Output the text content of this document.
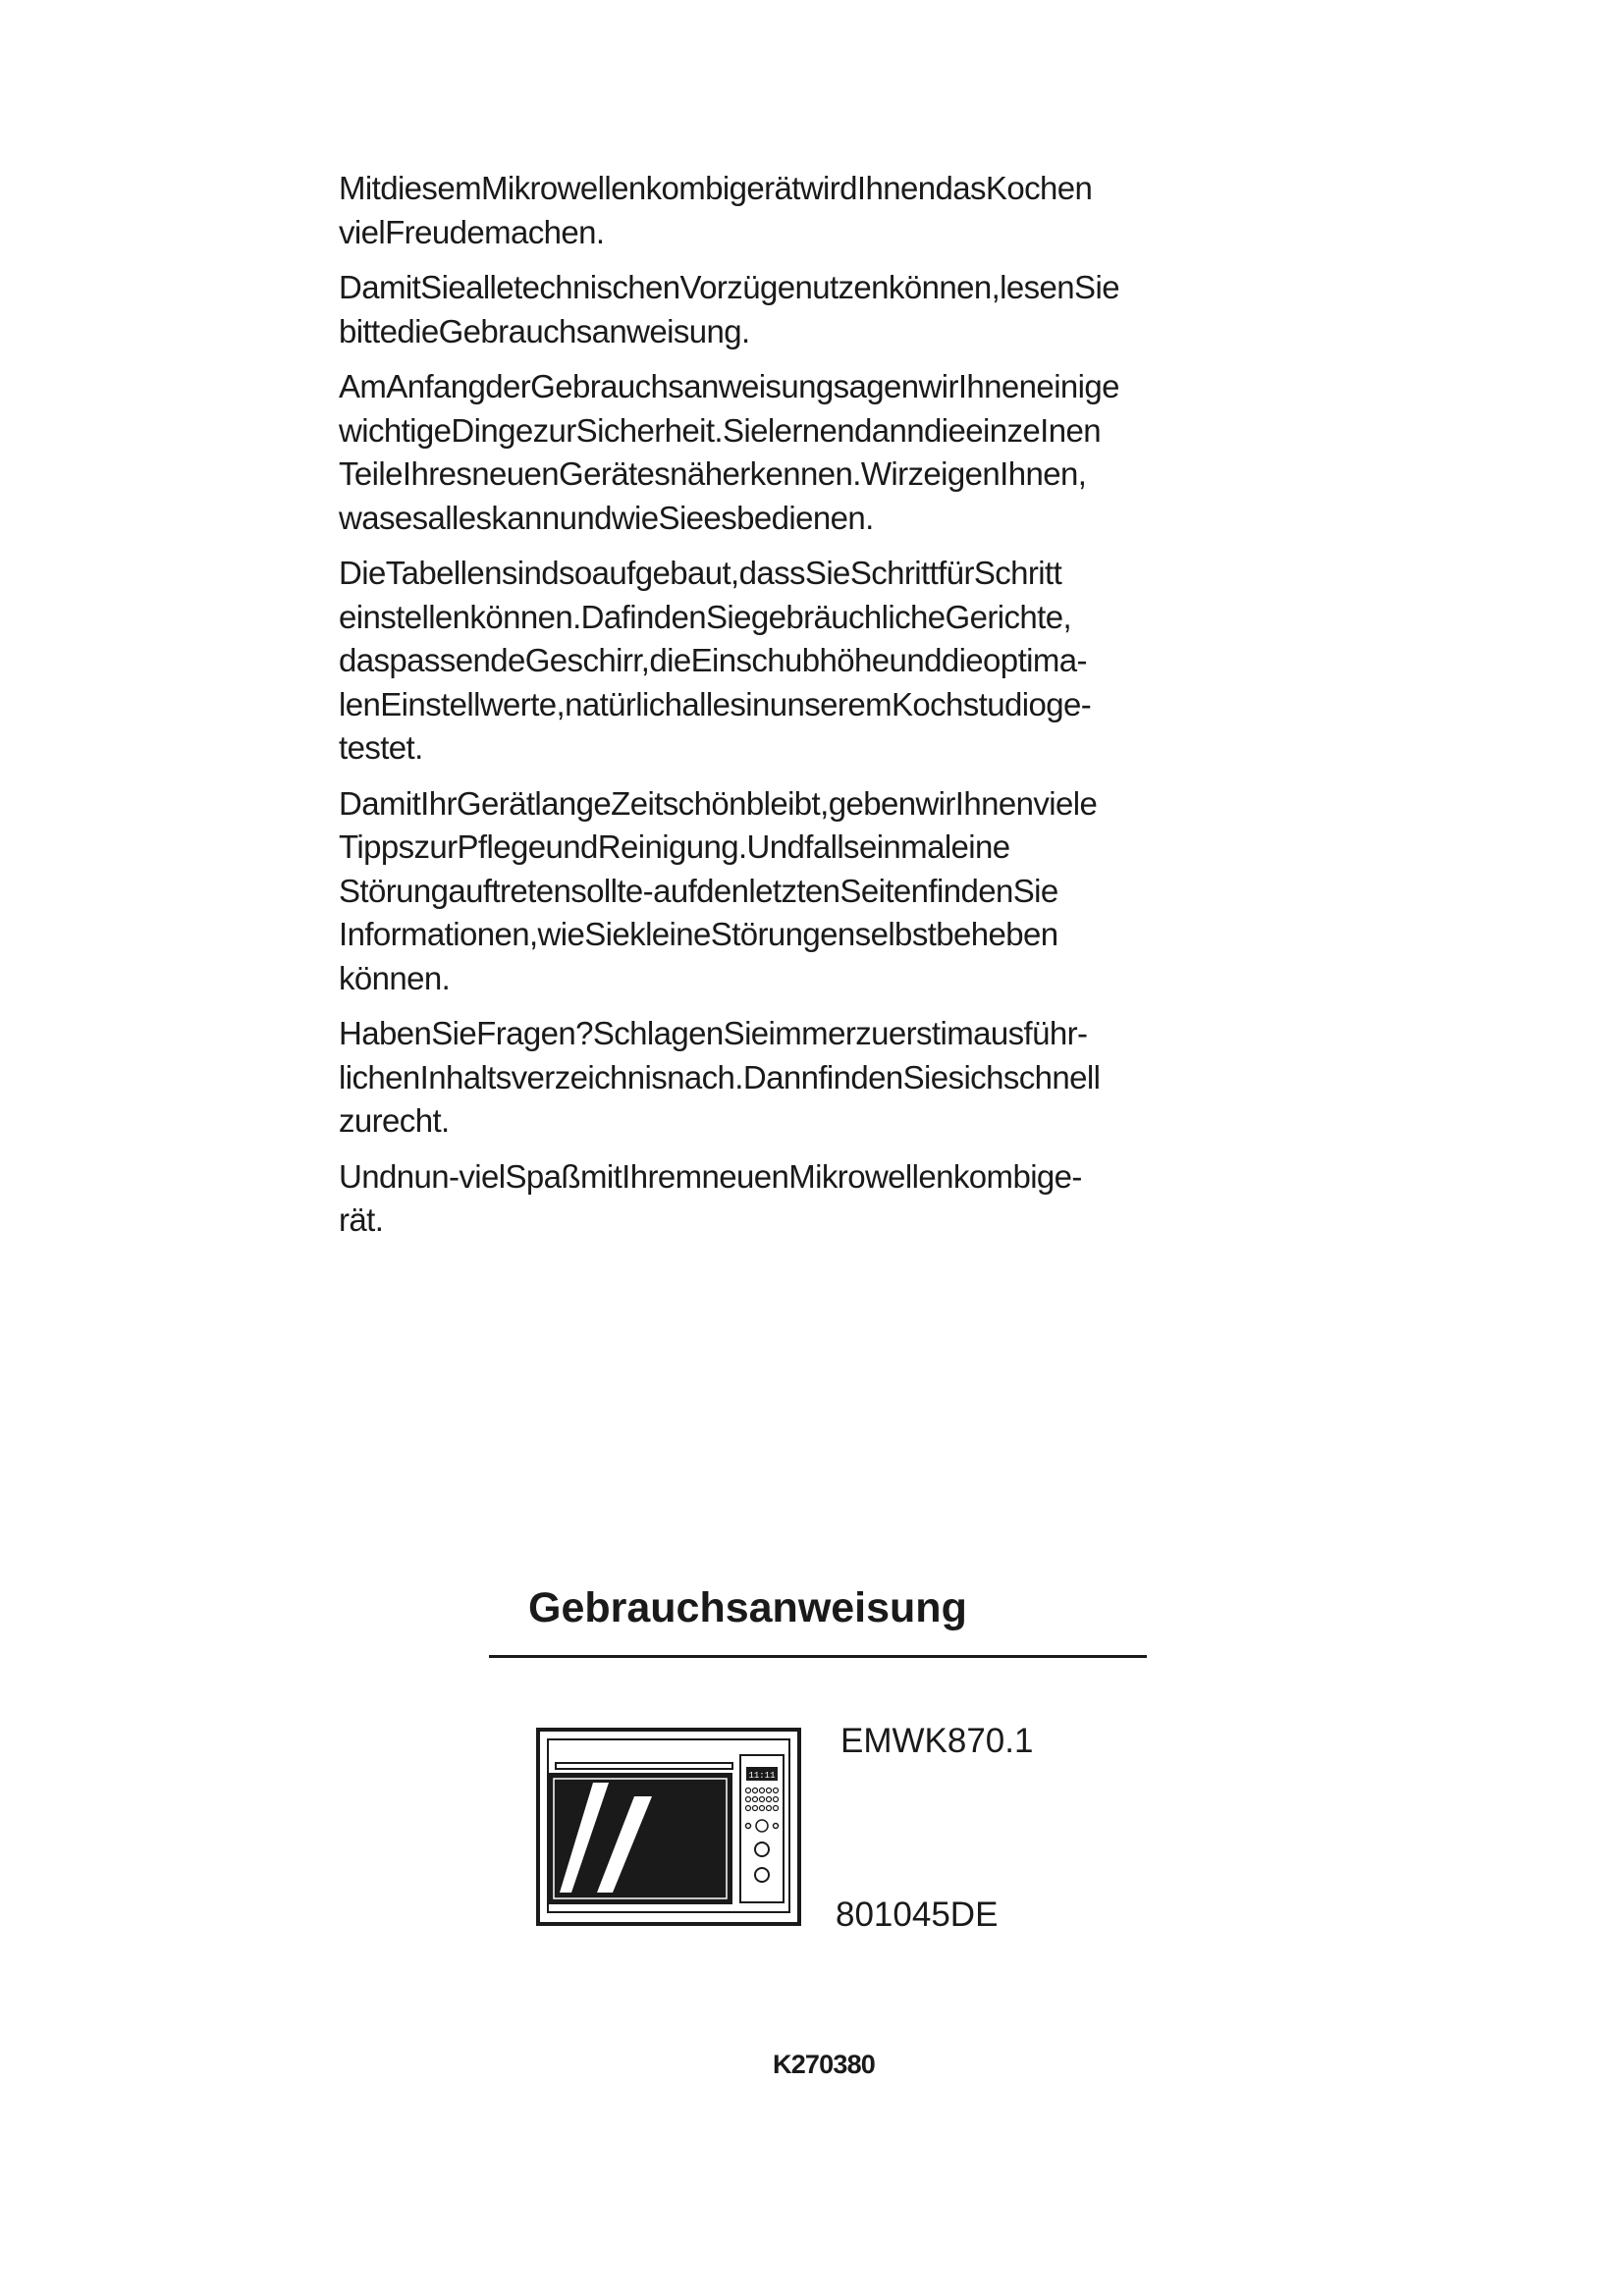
MitdiesemMikrowellenkombigerätwirdIhnendasKochen
vielFreudemachen.

DamitSiealletechnischenVorzügenutzenkönnen,lesenSie
bittedieGebrauchsanweisung.

AmAnfangderGebrauchsanweisungsagenwirIhneneinige
wichtigeDingezurSicherheit.SielernendanndieeinzeInen
TeileIhresneuenGerätesnäherkennen.WirzeigenIhnen,
wasesalleskannundwieSieesbedienen.

DieTabellensindsoaufgebaut,dassSieSchrittfürSchritt
einstellenkönnen.DafindenSiegebräuchlicheGerichte,
daspassendeGeschirr,dieEinschubhöheunddieoptima-
lenEinstellwerte,natürlichallesinunseremKochstudioge-
testet.

DamitIhrGerätlangeZeitschönbleibt,gebenwirIhnenviele
TippszurPflegeundReinigung.Undfallseinmaleine
Störungauftretensollte-aufdenletztenSeitenfindenSie
Informationen,wieSiekleineStörungenselbstbeheben
können.

HabenSieFragen?SchlagenSieimmerzuerstimausführ-
lichenInhaltsverzeichnisnach.DannfindenSiesichschnell
zurecht.

Undnun-vielSpaßmitIhremneuenMikrowellenkombige-
rät.

Gebrauchsanweisung
11:11

EMWK870.1

801045DE

K270380
